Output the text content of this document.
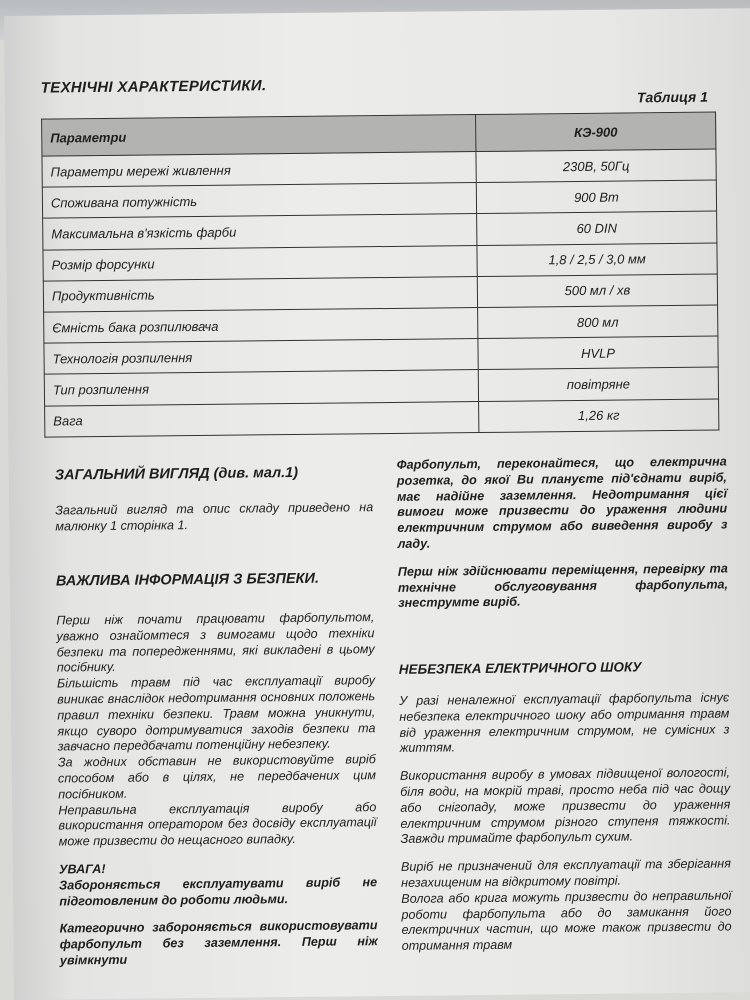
ТЕХНІЧНІ ХАРАКТЕРИСТИКИ.
Таблиця 1
Параметри	КЭ-900
Параметри мережі живлення	230В, 50Гц
Споживана потужність	900 Вт
Максимальна в'язкість фарби	60 DIN
Розмір форсунки	1,8 / 2,5 / 3,0 мм
Продуктивність	500 мл / хв
Ємність бака розпилювача	800 мл
Технологія розпилення	HVLP
Тип розпилення	повітряне
Вага	1,26 кг
ЗАГАЛЬНИЙ ВИГЛЯД (див. мал.1)

Загальний вигляд та опис складу приведено на малюнку 1 сторінка 1.

ВАЖЛИВА ІНФОРМАЦІЯ З БЕЗПЕКИ.

Перш ніж почати працювати фарбопультом, уважно ознайомтеся з вимогами щодо техніки безпеки та попередженнями, які викладені в цьому посібнику.

Більшість травм під час експлуатації виробу виникає внаслідок недотримання основних положень правил техніки безпеки. Травм можна уникнути, якщо суворо дотримуватися заходів безпеки та завчасно передбачати потенційну небезпеку.

За жодних обставин не використовуйте виріб способом або в цілях, не передбачених цим посібником.

Неправильна експлуатація виробу або використання оператором без досвіду експлуатації може призвести до нещасного випадку.

УВАГА!

Забороняється експлуатувати виріб не підготовленим до роботи людьми.

Категорично забороняється використовувати фарбопульт без заземлення. Перш ніж увімкнути

Фарбопульт, переконайтеся, що електрична розетка, до якої Ви плануєте під'єднати виріб, має надійне заземлення. Недотримання цієї вимоги може призвести до ураження людини електричним струмом або виведення виробу з ладу.

Перш ніж здійснювати переміщення, перевірку та технічне обслуговування фарбопульта, знеструмте виріб.

НЕБЕЗПЕКА ЕЛЕКТРИЧНОГО ШОКУ

У разі неналежної експлуатації фарбопульта існує небезпека електричного шоку або отримання травм від ураження електричним струмом, не сумісних з життям.

Використання виробу в умовах підвищеної вологості, біля води, на мокрій траві, просто неба під час дощу або снігопаду, може призвести до ураження електричним струмом різного ступеня тяжкості. Завжди тримайте фарбопульт сухим.

Виріб не призначений для експлуатації та зберігання незахищеним на відкритому повітрі.

Волога або крига можуть призвести до неправильної роботи фарбопульта або до замикання його електричних частин, що може також призвести до отримання травм
